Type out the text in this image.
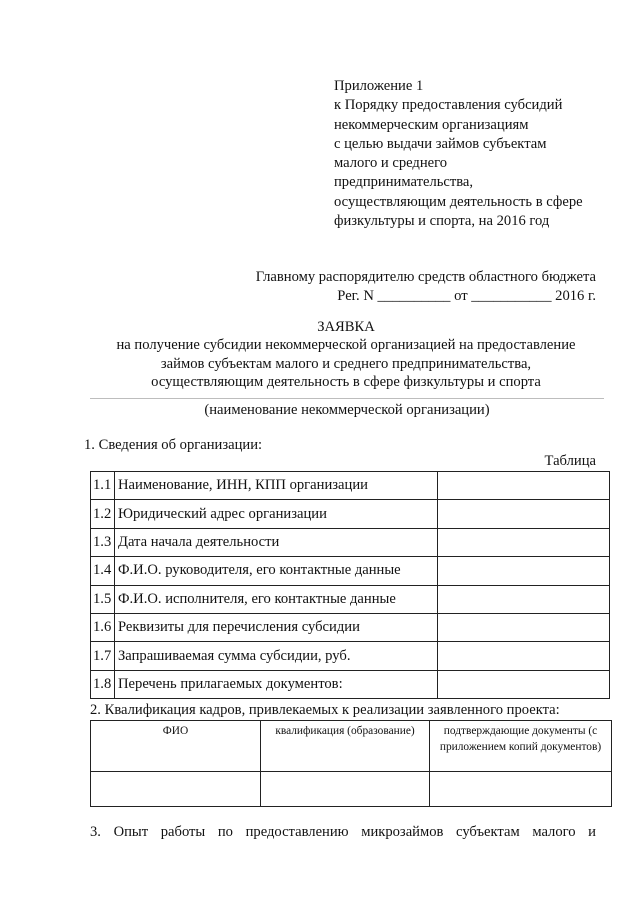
Приложение 1
к Порядку предоставления субсидий
некоммерческим организациям
с целью выдачи займов субъектам
малого и среднего
предпринимательства,
осуществляющим деятельность в сфере
физкультуры и спорта, на 2016 год
Главному распорядителю средств областного бюджета
Рег. N __________ от ___________ 2016 г.
ЗАЯВКА
на получение субсидии некоммерческой организацией на предоставление
займов субъектам малого и среднего предпринимательства,
осуществляющим деятельность в сфере физкультуры и спорта
(наименование некоммерческой организации)
1. Сведения об организации:
Таблица
1.1	Наименование, ИНН, КПП организации	
1.2	Юридический адрес организации	
1.3	Дата начала деятельности	
1.4	Ф.И.О. руководителя, его контактные данные	
1.5	Ф.И.О. исполнителя, его контактные данные	
1.6	Реквизиты для перечисления субсидии	
1.7	Запрашиваемая сумма субсидии, руб.	
1.8	Перечень прилагаемых документов:	
2. Квалификация кадров, привлекаемых к реализации заявленного проекта:
ФИО	квалификация (образование)	подтверждающие документы (с приложением копий документов)

3. Опыт работы по предоставлению микрозаймов субъектам малого и
